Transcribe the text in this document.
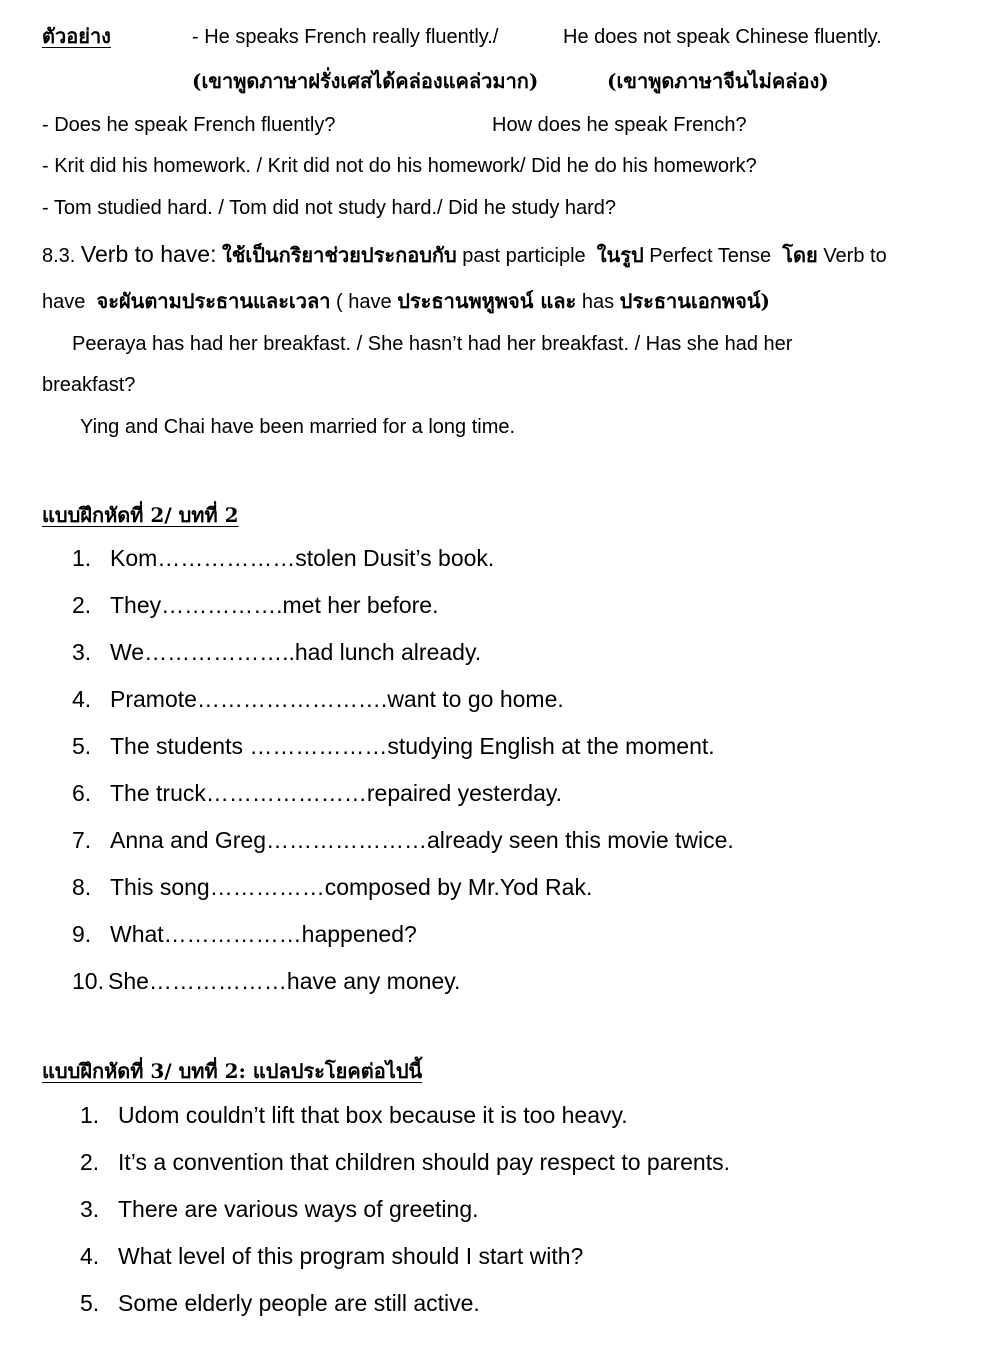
ตัวอย่าง	- He speaks French really fluently./	He does not speak Chinese fluently.
(เขาพูดภาษาฝรั่งเศสได้คล่องแคล่วมาก)	(เขาพูดภาษาจีนไม่คล่อง)
- Does he speak French fluently?	How does he speak French?
- Krit did his homework. / Krit did not do his homework/ Did he do his homework?
- Tom studied hard. / Tom did not study hard./ Did he study hard?
8.3. Verb to have: ใช้เป็นกริยาช่วยประกอบกับ past participle ในรูป Perfect Tense โดย Verb to
have จะผันตามประธานและเวลา ( have ประธานพหูพจน์ และ has ประธานเอกพจน์)
Peeraya has had her breakfast. / She hasn’t had her breakfast. / Has she had her
breakfast?
Ying and Chai have been married for a long time.
แบบฝึกหัดที่ 2/ บทที่ 2
1. Kom………………stolen Dusit’s book.
2. They…………….met her before.
3. We………………..had lunch already.
4. Pramote…………………….want to go home.
5. The students ………………studying English at the moment.
6. The truck…………………repaired yesterday.
7. Anna and Greg…………………already seen this movie twice.
8. This song……………composed by Mr.Yod Rak.
9. What………………happened?
10. She………………have any money.
แบบฝึกหัดที่ 3/ บทที่ 2: แปลประโยคต่อไปนี้
1. Udom couldn’t lift that box because it is too heavy.
2. It’s a convention that children should pay respect to parents.
3. There are various ways of greeting.
4. What level of this program should I start with?
5. Some elderly people are still active.
